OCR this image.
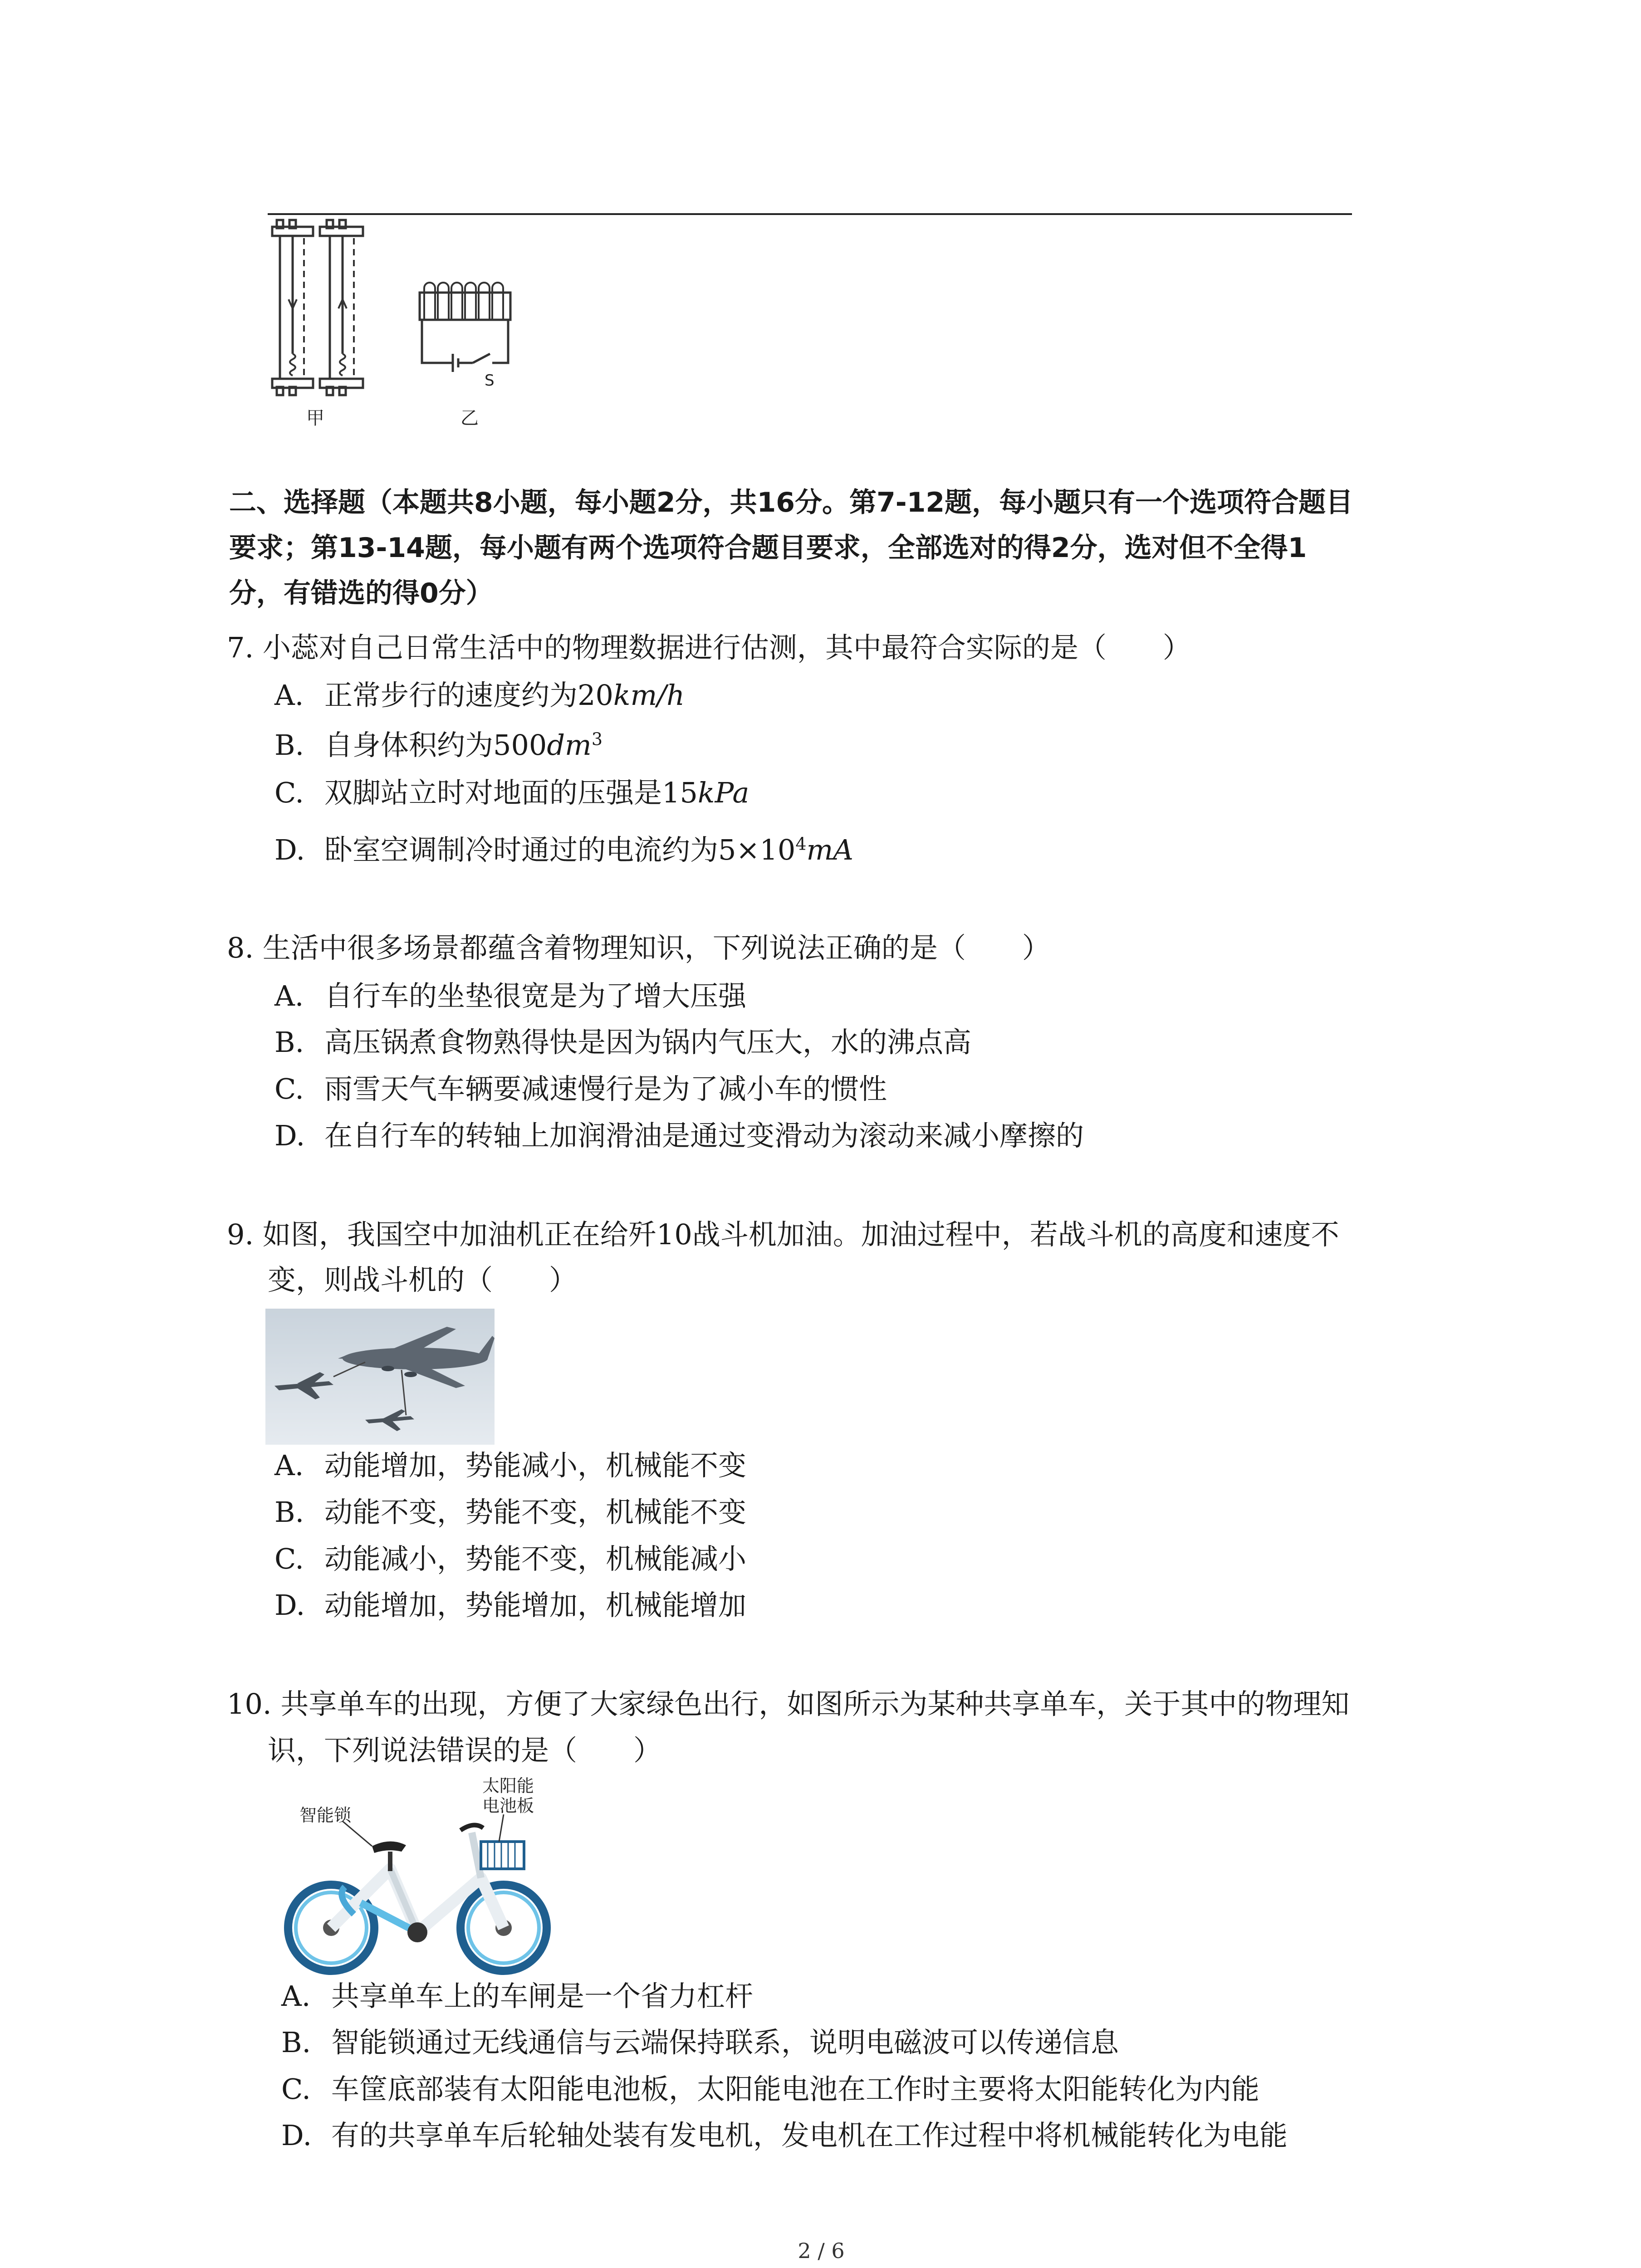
甲	乙
S
二、选择题（本题共8小题，每小题2分，共16分。第7-12题，每小题只有一个选项符合题目
要求；第13-14题，每小题有两个选项符合题目要求，全部选对的得2分，选对但不全得1
分，有错选的得0分）
7. 小蕊对自己日常生活中的物理数据进行估测，其中最符合实际的是（　　）
A. 正常步行的速度约为20km/h
B. 自身体积约为$500dm^3$
C. 双脚站立时对地面的压强是15kPa
D. 卧室空调制冷时通过的电流约为$5\times 10^4mA$
8. 生活中很多场景都蕴含着物理知识，下列说法正确的是（　　）
A. 自行车的坐垫很宽是为了增大压强
B. 高压锅煮食物熟得快是因为锅内气压大，水的沸点高
C. 雨雪天气车辆要减速慢行是为了减小车的惯性
D. 在自行车的转轴上加润滑油是通过变滑动为滚动来减小摩擦的
9. 如图，我国空中加油机正在给歼10战斗机加油。加油过程中，若战斗机的高度和速度不
变，则战斗机的（　　）
A. 动能增加，势能减小，机械能不变
B. 动能不变，势能不变，机械能不变
C. 动能减小，势能不变，机械能减小
D. 动能增加，势能增加，机械能增加
10. 共享单车的出现，方便了大家绿色出行，如图所示为某种共享单车，关于其中的物理知
识，下列说法错误的是（　　）
太阳能
电池板
智能锁
A. 共享单车上的车闸是一个省力杠杆
B. 智能锁通过无线通信与云端保持联系，说明电磁波可以传递信息
C. 车筐底部装有太阳能电池板，太阳能电池在工作时主要将太阳能转化为内能
D. 有的共享单车后轮轴处装有发电机，发电机在工作过程中将机械能转化为电能
2 / 6
